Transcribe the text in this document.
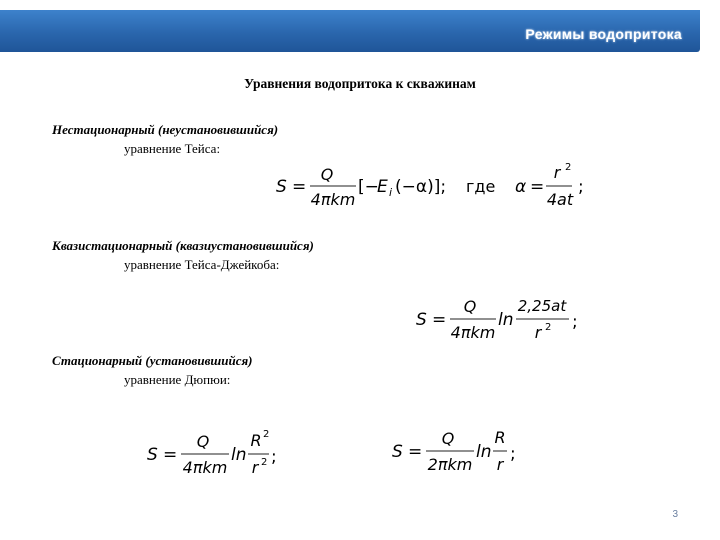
Режимы водопритока
Уравнения водопритока к скважинам
Нестационарный (неустановившийся)
уравнение Тейса:
S =
Q
4πkm
[−
E i (−α)]; где α =
r 2
4at
;
Квазистационарный (квазиустановившийся)
уравнение Тейса-Джейкоба:
S =
Q
4πkm
ln
2,25at
r 2 ;
Стационарный (установившийся)
уравнение Дюпюи:
S =
Q
4πkm
ln
R 2
r 2 ;	S =
Q
2πkm
ln
R
r
;
3
